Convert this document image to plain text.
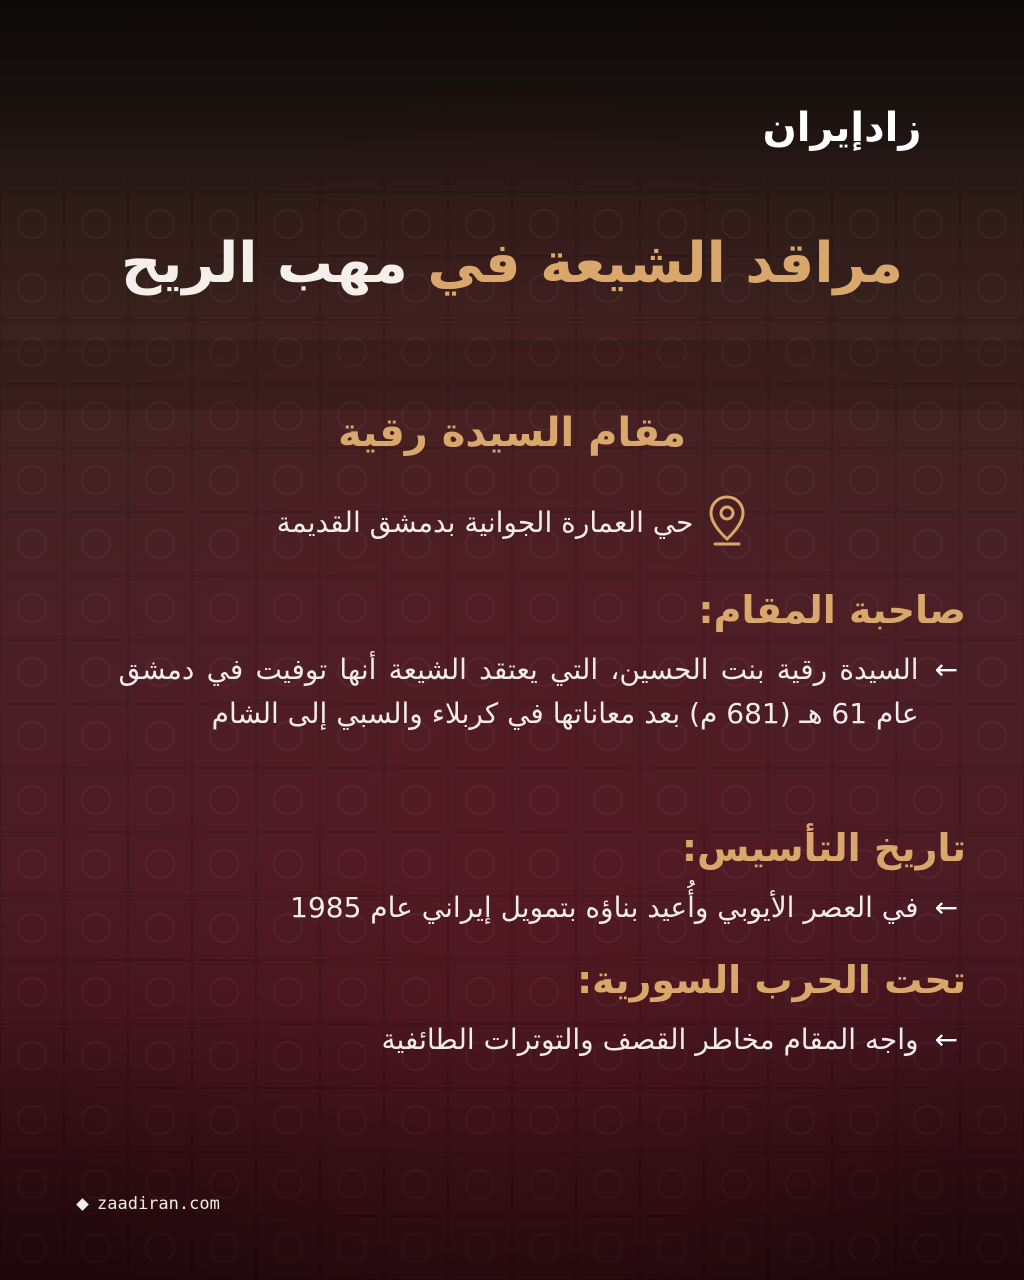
زادإيران
مراقد الشيعة في مهب الريح
مقام السيدة رقية
حي العمارة الجوانية بدمشق القديمة
صاحبة المقام:
←
السيدة رقية بنت الحسين، التي يعتقد الشيعة أنها توفيت في دمشق عام 61 هـ (681 م) بعد معاناتها في كربلاء والسبي إلى الشام
تاريخ التأسيس:
←
في العصر الأيوبي وأُعيد بناؤه بتمويل إيراني عام 1985
تحت الحرب السورية:
←
واجه المقام مخاطر القصف والتوترات الطائفية
zaadiran.com
